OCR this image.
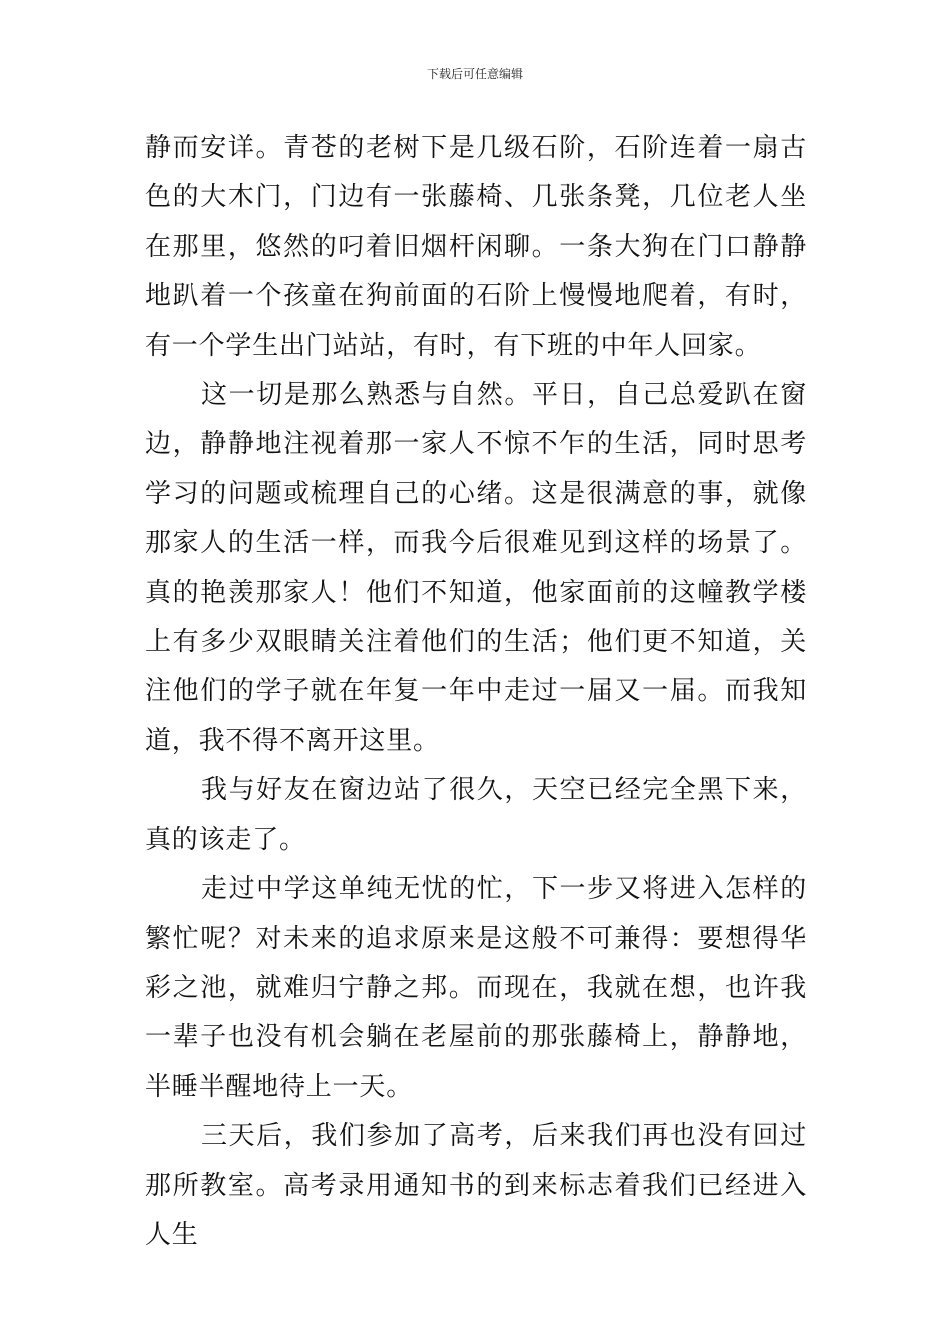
下载后可任意编辑

静而安详。青苍的老树下是几级石阶，石阶连着一扇古色的大木门，门边有一张藤椅、几张条凳，几位老人坐在那里，悠然的叼着旧烟杆闲聊。一条大狗在门口静静地趴着一个孩童在狗前面的石阶上慢慢地爬着，有时，有一个学生出门站站，有时，有下班的中年人回家。

这一切是那么熟悉与自然。平日，自己总爱趴在窗边，静静地注视着那一家人不惊不乍的生活，同时思考学习的问题或梳理自己的心绪。这是很满意的事，就像那家人的生活一样，而我今后很难见到这样的场景了。真的艳羡那家人！他们不知道，他家面前的这幢教学楼上有多少双眼睛关注着他们的生活；他们更不知道，关注他们的学子就在年复一年中走过一届又一届。而我知道，我不得不离开这里。

我与好友在窗边站了很久，天空已经完全黑下来，真的该走了。

走过中学这单纯无忧的忙，下一步又将进入怎样的繁忙呢？对未来的追求原来是这般不可兼得：要想得华彩之池，就难归宁静之邦。而现在，我就在想，也许我一辈子也没有机会躺在老屋前的那张藤椅上，静静地，半睡半醒地待上一天。

三天后，我们参加了高考，后来我们再也没有回过那所教室。高考录用通知书的到来标志着我们已经进入人生
